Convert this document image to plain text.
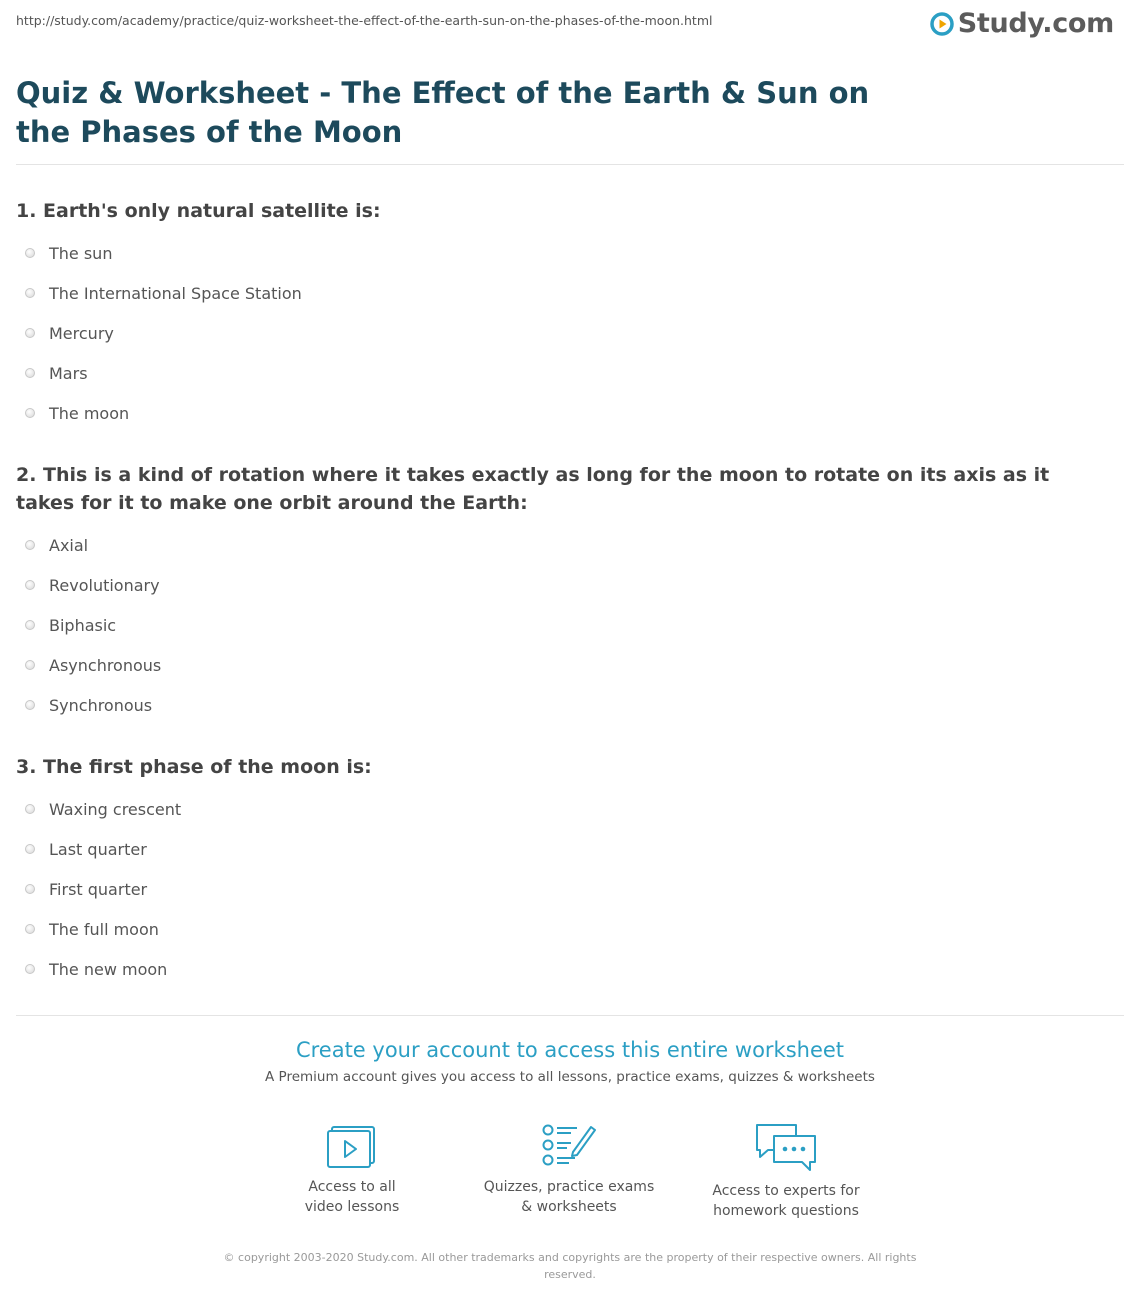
http://study.com/academy/practice/quiz-worksheet-the-effect-of-the-earth-sun-on-the-phases-of-the-moon.html	Study.com
Quiz & Worksheet - The Effect of the Earth & Sun on the Phases of the Moon

1. Earth's only natural satellite is:

The sun
The International Space Station
Mercury
Mars
The moon

2. This is a kind of rotation where it takes exactly as long for the moon to rotate on its axis as it takes for it to make one orbit around the Earth:

Axial
Revolutionary
Biphasic
Asynchronous
Synchronous

3. The first phase of the moon is:

Waxing crescent
Last quarter
First quarter
The full moon
The new moon
Create your account to access this entire worksheet
A Premium account gives you access to all lessons, practice exams, quizzes & worksheets
Access to all
video lessons
Quizzes, practice exams
& worksheets
Access to experts for
homework questions
© copyright 2003-2020 Study.com. All other trademarks and copyrights are the property of their respective owners. All rights reserved.
